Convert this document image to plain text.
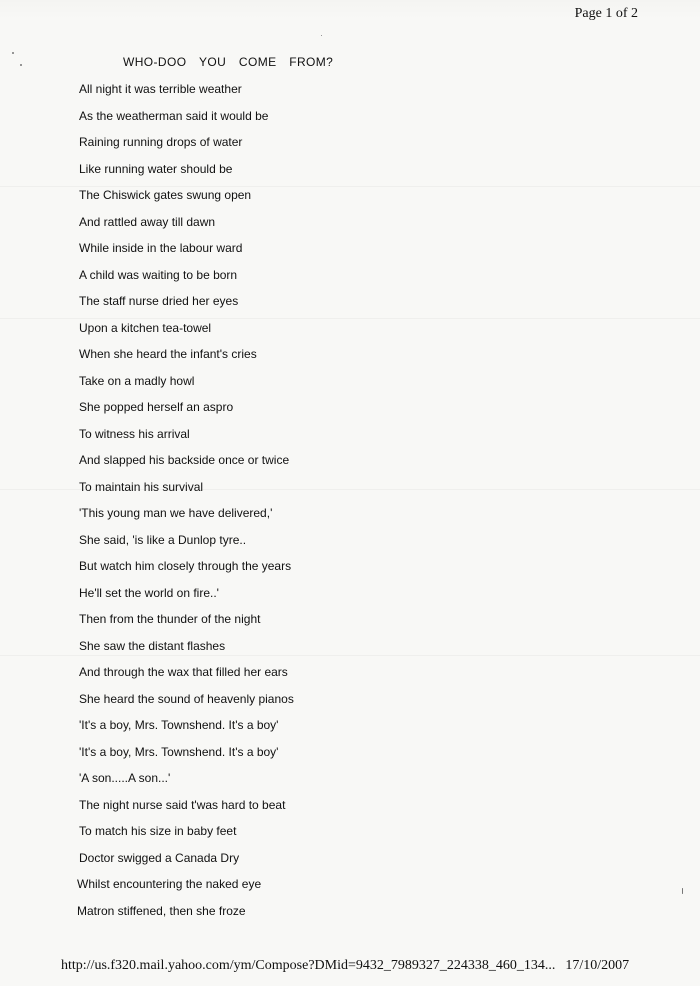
Page 1 of 2
WHO-DOO YOU COME FROM?
All night it was terrible weather
As the weatherman said it would be
Raining running drops of water
Like running water should be
The Chiswick gates swung open
And rattled away till dawn
While inside in the labour ward
A child was waiting to be born
The staff nurse dried her eyes
Upon a kitchen tea-towel
When she heard the infant's cries
Take on a madly howl
She popped herself an aspro
To witness his arrival
And slapped his backside once or twice
To maintain his survival
'This young man we have delivered,'
She said, 'is like a Dunlop tyre..
But watch him closely through the years
He'll set the world on fire..'
Then from the thunder of the night
She saw the distant flashes
And through the wax that filled her ears
She heard the sound of heavenly pianos
'It's a boy, Mrs. Townshend. It's a boy'
'It's a boy, Mrs. Townshend. It's a boy'
'A son.....A son...'
The night nurse said t'was hard to beat
To match his size in baby feet
Doctor swigged a Canada Dry
Whilst encountering the naked eye
Matron stiffened, then she froze
http://us.f320.mail.yahoo.com/ym/Compose?DMid=9432_7989327_224338_460_134... 17/10/2007
